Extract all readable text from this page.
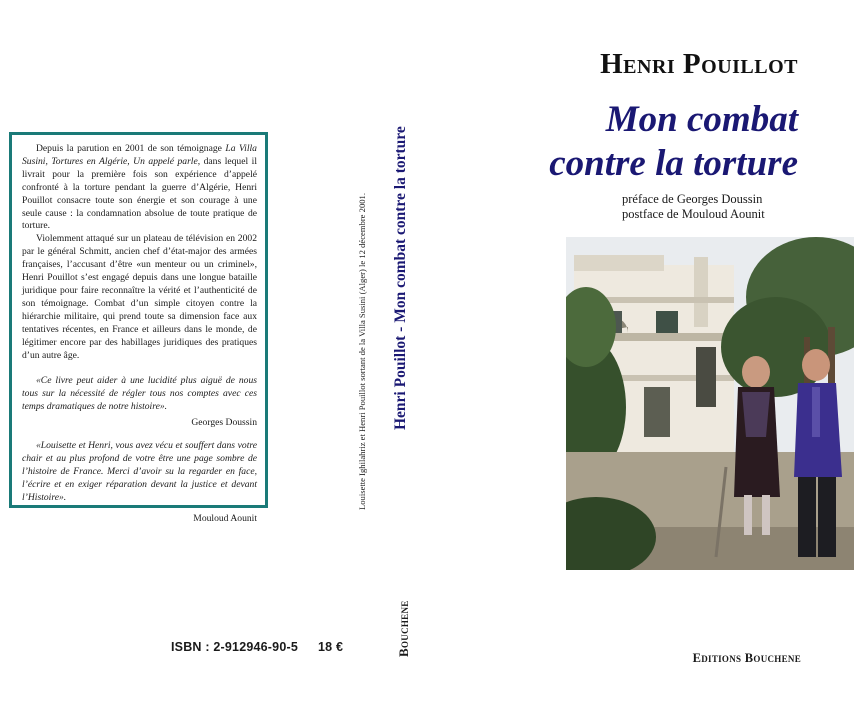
Depuis la parution en 2001 de son témoignage La Villa Susini, Tortures en Algérie, Un appelé parle, dans lequel il livrait pour la première fois son expérience d’appelé confronté à la torture pendant la guerre d’Algérie, Henri Pouillot consacre toute son énergie et son courage à une seule cause : la condamnation absolue de toute pratique de torture.

Violemment attaqué sur un plateau de télévision en 2002 par le général Schmitt, ancien chef d’état-major des armées françaises, l’accusant d’être «un menteur ou un criminel», Henri Pouillot s’est engagé depuis dans une longue bataille juridique pour faire reconnaître la vérité et l’authenticité de son témoignage. Combat d’un simple citoyen contre la hiérarchie militaire, qui prend toute sa dimension face aux tentatives récentes, en France et ailleurs dans le monde, de légitimer encore par des habillages juridiques des pratiques d’un autre âge.

«Ce livre peut aider à une lucidité plus aiguë de nous tous sur la nécessité de régler tous nos comptes avec ces temps dramatiques de notre histoire».

Georges Doussin

«Louisette et Henri, vous avez vécu et souffert dans votre chair et au plus profond de votre être une page sombre de l’histoire de France. Merci d’avoir su la regarder en face, l’écrire et en exiger réparation devant la justice et devant l’Histoire».

Mouloud Aounit
ISBN : 2-912946-90-5 18 €
Louisette Ighilahriz et Henri Pouillot sortant de la Villa Susini (Alger) le 12 décembre 2001. Henri Pouillot - Mon combat contre la torture
Bouchene
Henri Pouillot
Mon combat
contre la torture
préface de Georges Doussin
postface de Mouloud Aounit
Editions Bouchene
